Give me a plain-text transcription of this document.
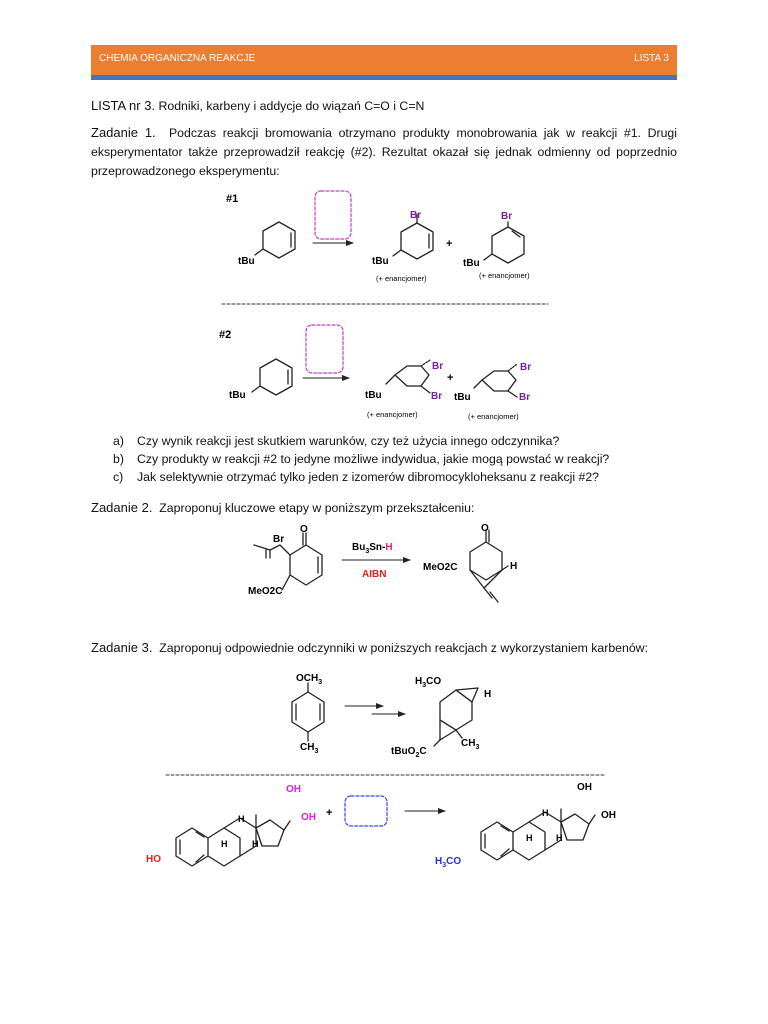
CHEMIA ORGANICZNA REAKCJE	LISTA 3
LISTA nr 3. Rodniki, karbeny i addycje do wiązań C=O i C=N
Zadanie 1. Podczas reakcji bromowania otrzymano produkty monobrowania jak w reakcji #1. Drugi eksperymentator także przeprowadził reakcję (#2). Rezultat okazał się jednak odmienny od poprzednio przeprowadzonego eksperymentu:
a) Czy wynik reakcji jest skutkiem warunków, czy też użycia innego odczynnika?
b) Czy produkty w reakcji #2 to jedyne możliwe indywidua, jakie mogą powstać w reakcji?
c) Jak selektywnie otrzymać tylko jeden z izomerów dibromocykloheksanu z reakcji #2?
Zadanie 2. Zaproponuj kluczowe etapy w poniższym przekształceniu:
Zadanie 3. Zaproponuj odpowiednie odczynniki w poniższych reakcjach z wykorzystaniem karbenów:
#1
tBu
Br
tBu
(+ enancjomer)
+
Br
tBu
(+ enancjomer)
#2
tBu
Br
Br
tBu
(+ enancjomer)
+
Br
Br
tBu
(+ enancjomer)
O
Br
MeO2C
$Bu_3Sn-H$
AIBN
O
H
MeO2C
$OCH_3$
$CH_3$
$H_3CO$
H
$CH_3$
tBuO$_2$C
HO
OH
OH
H
H	H
+
$H_3CO$
OH
OH
H
H	H
